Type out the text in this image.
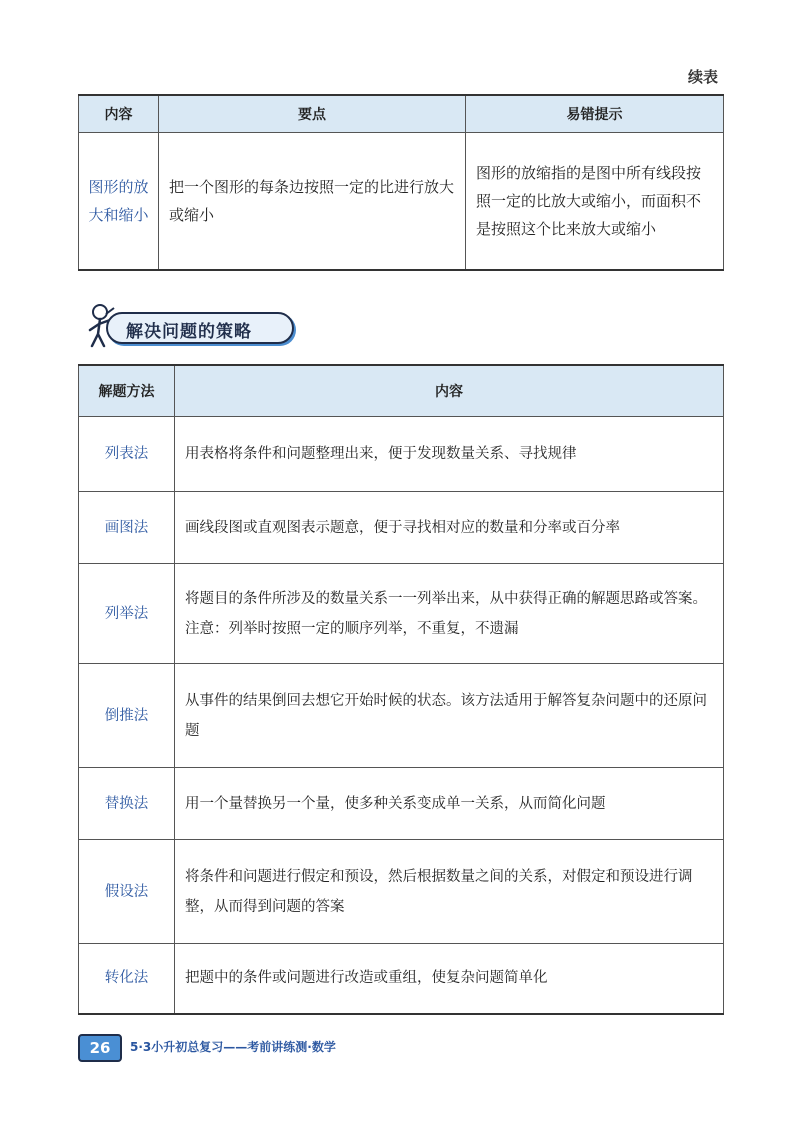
续表
内容	要点	易错提示
图形的放大和缩小	把一个图形的每条边按照一定的比进行放大或缩小	图形的放缩指的是图中所有线段按照一定的比放大或缩小，而面积不是按照这个比来放大或缩小
解决问题的策略
解题方法	内容
列表法	用表格将条件和问题整理出来，便于发现数量关系、寻找规律
画图法	画线段图或直观图表示题意，便于寻找相对应的数量和分率或百分率
列举法	将题目的条件所涉及的数量关系一一列举出来，从中获得正确的解题思路或答案。注意：列举时按照一定的顺序列举，不重复，不遗漏
倒推法	从事件的结果倒回去想它开始时候的状态。该方法适用于解答复杂问题中的还原问题
替换法	用一个量替换另一个量，使多种关系变成单一关系，从而简化问题
假设法	将条件和问题进行假定和预设，然后根据数量之间的关系，对假定和预设进行调整，从而得到问题的答案
转化法	把题中的条件或问题进行改造或重组，使复杂问题简单化
26	5·3小升初总复习——考前讲练测·数学
